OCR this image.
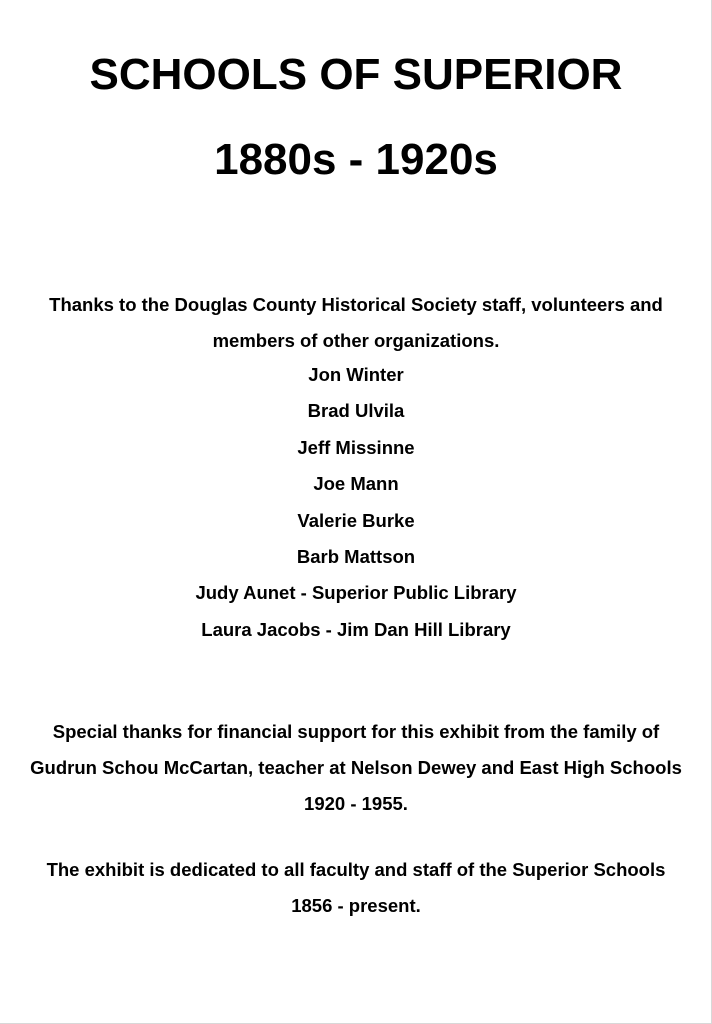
SCHOOLS OF SUPERIOR
1880s - 1920s

Thanks to the Douglas County Historical Society staff, volunteers and members of other organizations.

Jon Winter
Brad Ulvila
Jeff Missinne
Joe Mann
Valerie Burke
Barb Mattson
Judy Aunet - Superior Public Library
Laura Jacobs - Jim Dan Hill Library

Special thanks for financial support for this exhibit from the family of Gudrun Schou McCartan, teacher at Nelson Dewey and East High Schools 1920 - 1955.

The exhibit is dedicated to all faculty and staff of the Superior Schools 1856 - present.
